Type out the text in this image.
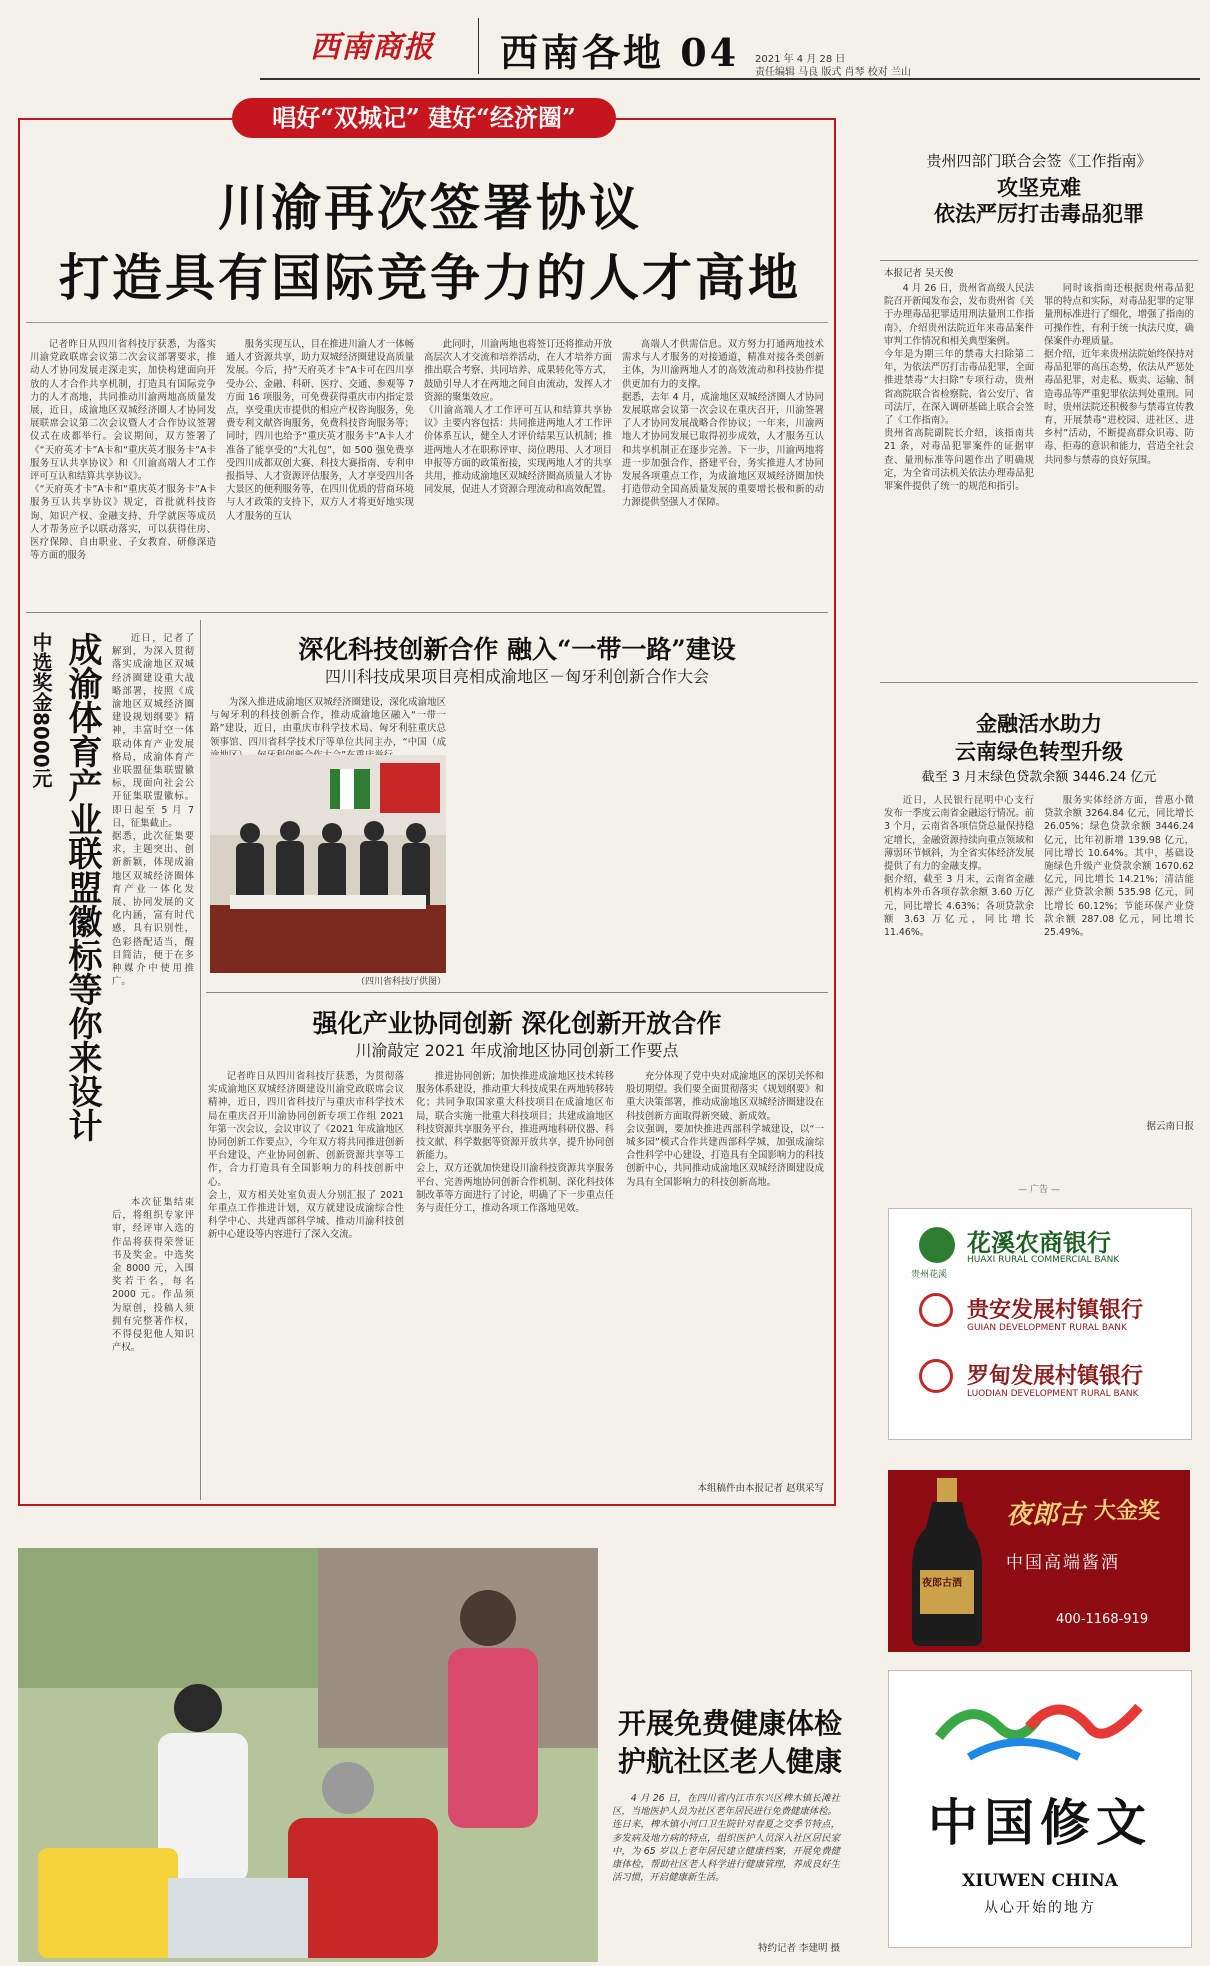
西南商报	西南各地 04 2021 年 4 月 28 日
责任编辑 马良 版式 肖琴 校对 兰山
唱好“双城记” 建好“经济圈”
川渝再次签署协议
打造具有国际竞争力的人才高地
记者昨日从四川省科技厅获悉，为落实川渝党政联席会议第二次会议部署要求，推动人才协同发展走深走实，加快构建面向开放的人才合作共享机制，打造具有国际竞争力的人才高地，共同推动川渝两地高质量发展，近日，成渝地区双城经济圈人才协同发展联席会议第二次会议暨人才合作协议签署仪式在成都举行。会议期间，双方签署了《“天府英才卡”A卡和“重庆英才服务卡”A卡服务互认共享协议》和《川渝高端人才工作评可互认和结算共享协议》。
《“天府英才卡”A卡和“重庆英才服务卡”A卡服务互认共享协议》规定，首批就科技咨询、知识产权、金融支持、升学就医等成员人才帮务应予以联动落实，可以获得住房、医疗保障、自由职业、子女教育、研修深造等方面的服务
服务实现互认，目在推进川渝人才一体畅通人才资源共享，助力双城经济圈建设高质量发展。今后，持“天府英才卡”A卡可在四川享受办公、金融、科研、医疗、交通、参观等 7 方面 16 项服务，可免费获得重庆市内指定景点，享受重庆市提供的相应产权咨询服务，免费专利文献咨询服务，免费科技咨询服务等；同时，四川也给予“重庆英才服务卡”A卡人才准备了能享受的“大礼包”，如 500 强免费享受四川成都双创大赛、科技大赛指南、专利申报指导、人才资源评估服务，人才享受四川各大景区的便利服务等，在四川优质的营商环境与人才政策的支持下，双方人才将更好地实现人才服务的互认
此同时，川渝两地也将签订还将推动开放高层次人才交流和培养活动，在人才培养方面推出联合考察、共同培养、成果转化等方式，鼓励引导人才在两地之间自由流动，发挥人才资源的聚集效应。
《川渝高端人才工作评可互认和结算共享协议》主要内容包括：共同推进两地人才工作评价体系互认，健全人才评价结果互认机制；推进两地人才在职称评审、岗位聘用、人才项目申报等方面的政策衔接，实现两地人才的共享共用，推动成渝地区双城经济圈高质量人才协同发展，促进人才资源合理流动和高效配置。
高端人才供需信息。双方努力打通两地技术需求与人才服务的对接通道，精准对接各类创新主体，为川渝两地人才的高效流动和科技协作提供更加有力的支撑。
据悉，去年 4 月，成渝地区双城经济圈人才协同发展联席会议第一次会议在重庆召开，川渝签署了人才协同发展战略合作协议；一年来，川渝两地人才协同发展已取得初步成效，人才服务互认和共享机制正在逐步完善。下一步，川渝两地将进一步加强合作，搭建平台，务实推进人才协同发展各项重点工作，为成渝地区双城经济圈加快打造带动全国高质量发展的重要增长极和新的动力源提供坚强人才保障。
成渝体育产业联盟徽标等你来设计
中选奖金8000元	近日，记者了解到，为深入贯彻落实成渝地区双城经济圈建设重大战略部署，按照《成渝地区双城经济圈建设规划纲要》精神，丰富时空一体联动体育产业发展格局，成渝体育产业联盟征集联盟徽标，现面向社会公开征集联盟徽标。即日起至 5 月 7 日，征集截止。
据悉，此次征集要求，主题突出、创新新颖，体现成渝地区双城经济圈体育产业一体化发展、协同发展的文化内涵，富有时代感，具有识别性，色彩搭配适当，醒目简洁，便于在多种媒介中使用推广。
本次征集结束后，将组织专家评审，经评审入选的作品将获得荣誉证书及奖金。中选奖金 8000 元，入围奖若干名，每名 2000 元。作品须为原创，投稿人须拥有完整著作权，不得侵犯他人知识产权。
深化科技创新合作 融入“一带一路”建设
四川科技成果项目亮相成渝地区－匈牙利创新合作大会
为深入推进成渝地区双城经济圈建设，深化成渝地区与匈牙利的科技创新合作，推动成渝地区融入“一带一路”建设，近日，由重庆市科学技术局、匈牙利驻重庆总领事馆、四川省科学技术厅等单位共同主办，“中国（成

（四川省科技厅供图）
强化产业协同创新 深化创新开放合作
川渝敲定 2021 年成渝地区协同创新工作要点
记者昨日从四川省科技厅获悉，为贯彻落实成渝地区双城经济圈建设川渝党政联席会议精神，近日，四川省科技厅与重庆市科学技术局在重庆召开川渝协同创新专项工作组 2021 年第一次会议，会议审议了《2021 年成渝地区协同创新工作要点》，今年双方将共同推进创新平台建设、产业协同创新、创新资源共享等工作，合力打造具有全国影响力的科技创新中心。
会上，双方相关处室负责人分别汇报了 2021 年重点工作推进计划，双方就建设成渝综合性科学中心、共建西部科学城、推动川渝科技创新中心建设等内容进行了深入交流。
推进协同创新；加快推进成渝地区技术转移服务体系建设，推动重大科技成果在两地转移转化；共同争取国家重大科技项目在成渝地区布局，联合实施一批重大科技项目；共建成渝地区科技资源共享服务平台，推进两地科研仪器、科技文献、科学数据等资源开放共享，提升协同创新能力。
会上，双方还就加快建设川渝科技资源共享服务平台、完善两地协同创新合作机制、深化科技体制改革等方面进行了讨论，明确了下一步重点任务与责任分工，推动各项工作落地见效。
充分体现了党中央对成渝地区的深切关怀和殷切期望。我们要全面贯彻落实《规划纲要》和重大决策部署，推动成渝地区双城经济圈建设在科技创新方面取得新突破、新成效。
会议强调，要加快推进西部科学城建设，以“一城多园”模式合作共建西部科学城，加强成渝综合性科学中心建设，打造具有全国影响力的科技创新中心，共同推动成渝地区双城经济圈建设成为具有全国影响力的科技创新高地。
本组稿件由本报记者 赵琪采写
贵州四部门联合会签《工作指南》
攻坚克难
依法严厉打击毒品犯罪
本报记者 吴天俊
4 月 26 日，贵州省高级人民法院召开新闻发布会，发布贵州省《关于办理毒品犯罪适用刑法量刑工作指南》，介绍贵州法院近年来毒品案件审判工作情况和相关典型案例。
今年是为期三年的禁毒大扫除第二年，为依法严厉打击毒品犯罪，全面推进禁毒“大扫除”专项行动，贵州省高院联合省检察院、省公安厅、省司法厅，在深入调研基础上联合会签了《工作指南》。
贵州省高院副院长介绍，该指南共 21 条，对毒品犯罪案件的证据审查、量刑标准等问题作出了明确规定，为全省司法机关依法办理毒品犯罪案件提供了统一的规范和指引。
同时该指南还根据贵州毒品犯罪的特点和实际，对毒品犯罪的定罪量刑标准进行了细化，增强了指南的可操作性，有利于统一执法尺度，确保案件办理质量。
据介绍，近年来贵州法院始终保持对毒品犯罪的高压态势，依法从严惩处毒品犯罪，对走私、贩卖、运输、制造毒品等严重犯罪依法判处重刑。同时，贵州法院还积极参与禁毒宣传教育，开展禁毒“进校园、进社区、进乡村”活动，不断提高群众识毒、防毒、拒毒的意识和能力，营造全社会共同参与禁毒的良好氛围。
金融活水助力
云南绿色转型升级
截至 3 月末绿色贷款余额 3446.24 亿元
近日，人民银行昆明中心支行发布一季度云南省金融运行情况。前 3 个月，云南省各项信贷总量保持稳定增长，金融资源持续向重点领域和薄弱环节倾斜，为全省实体经济发展提供了有力的金融支撑。
据介绍，截至 3 月末，云南省金融机构本外币各项存款余额 3.60 万亿元，同比增长 4.63%；各项贷款余额 3.63 万亿元，同比增长 11.46%。
服务实体经济方面，普惠小微贷款余额 3264.84 亿元，同比增长 26.05%；绿色贷款余额 3446.24 亿元，比年初新增 139.98 亿元，同比增长 10.64%。其中，基础设施绿色升级产业贷款余额 1670.62 亿元，同比增长 14.21%；清洁能源产业贷款余额 535.98 亿元，同比增长 60.12%；节能环保产业贷款余额 287.08 亿元，同比增长 25.49%。
据云南日报
— 广告 —
花溪农商银行
贵州花溪
HUAXI RURAL COMMERCIAL BANK
贵安发展村镇银行
GUIAN DEVELOPMENT RURAL BANK
罗甸发展村镇银行
LUODIAN DEVELOPMENT RURAL BANK
夜郎古酒
夜郎古 大金奖
中国高端酱酒
400-1168-919
中国修文
XIUWEN CHINA
从心开始的地方
开展免费健康体检
护航社区老人健康
4 月 26 日，在四川省内江市东兴区椑木镇长滩社区，当地医护人员为社区老年居民进行免费健康体检。
连日来，椑木镇小河口卫生院针对春夏之交季节特点，多发病及地方病的特点，组织医护人员深入社区居民家中，为 65 岁以上老年居民建立健康档案，开展免费健康体检，帮助社区老人科学进行健康管理，养成良好生活习惯，开启健康新生活。
特约记者 李建明 摄
